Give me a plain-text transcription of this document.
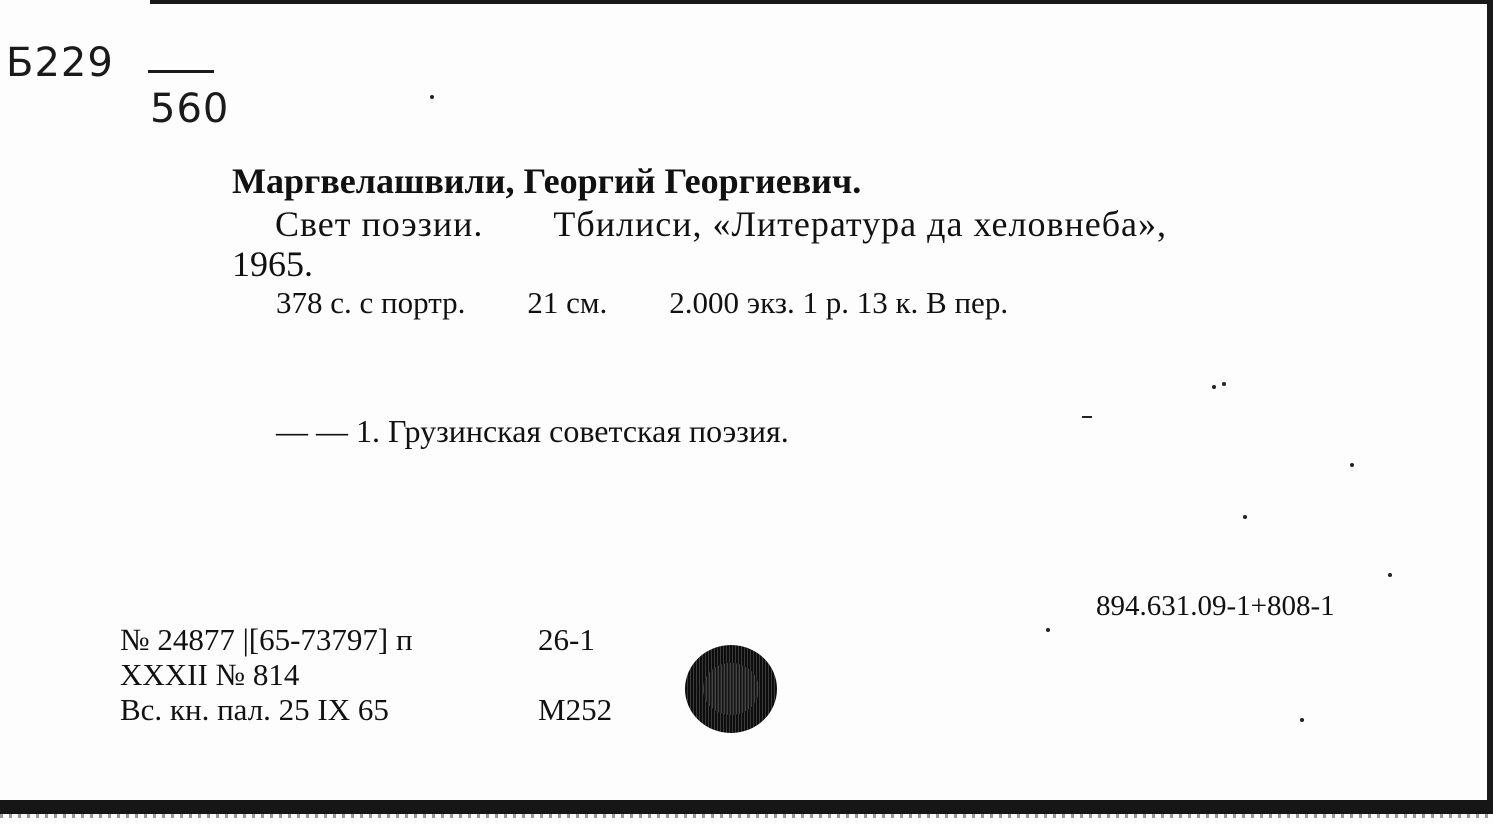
Б229
560
Маргвелашвили, Георгий Георгиевич.
Свет поэзии. Тбилиси, «Литература да хеловнеба»,
1965.
378 с. с портр. 21 см. 2.000 экз. 1 р. 13 к. В пер.
— — 1. Грузинская советская поэзия.
894.631.09-1+808-1
№ 24877 |[65-73797] п	26-1
XXXII № 814
Вс. кн. пал. 25 IX 65	М252
